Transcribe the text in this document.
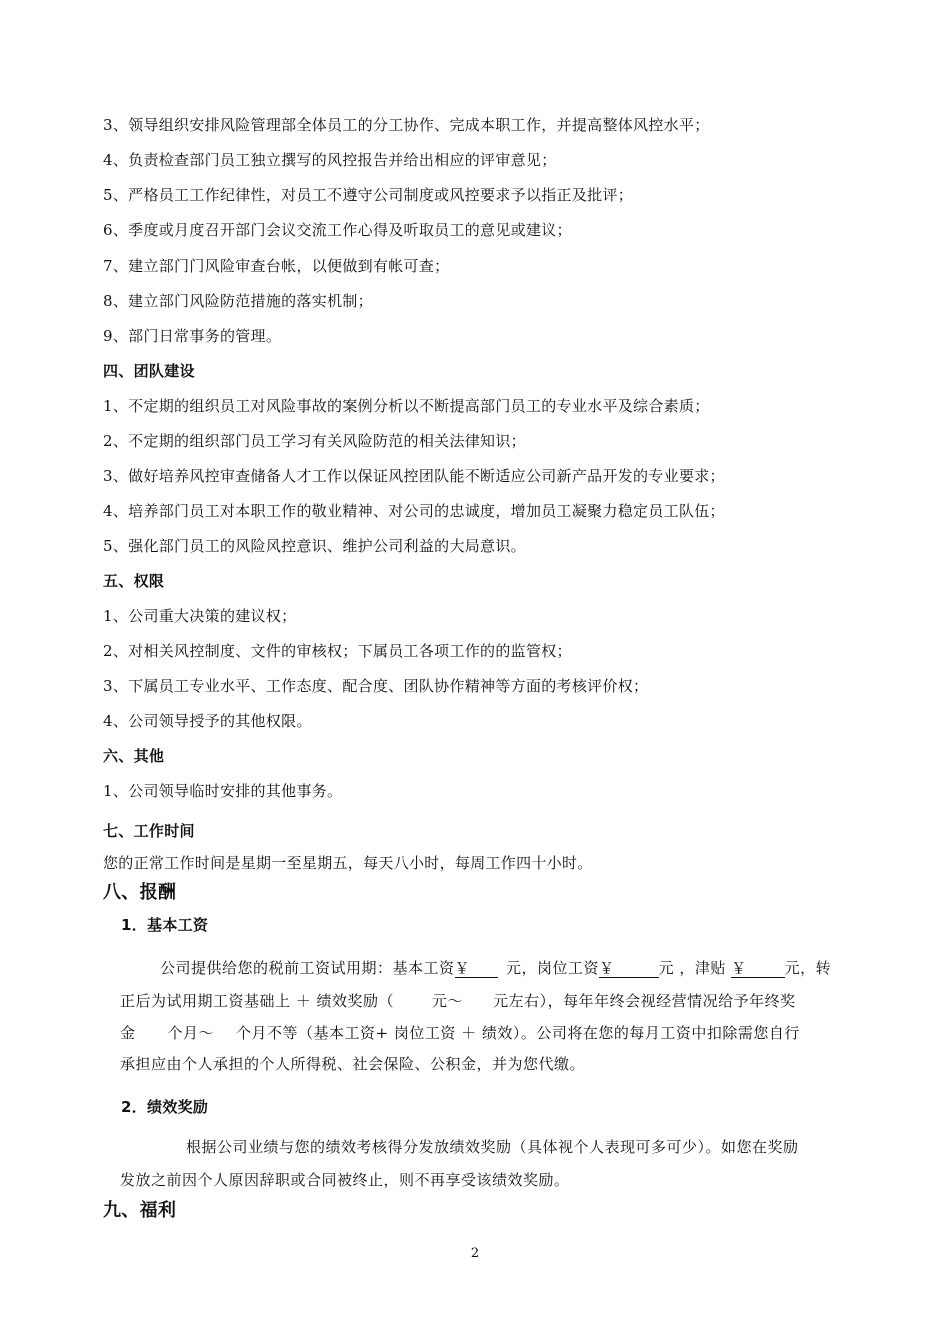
3、领导组织安排风险管理部全体员工的分工协作、完成本职工作，并提高整体风控水平；
4、负责检查部门员工独立撰写的风控报告并给出相应的评审意见；
5、严格员工工作纪律性，对员工不遵守公司制度或风控要求予以指正及批评；
6、季度或月度召开部门会议交流工作心得及听取员工的意见或建议；
7、建立部门门风险审查台帐，以便做到有帐可查；
8、建立部门风险防范措施的落实机制；
9、部门日常事务的管理。
四、团队建设
1、不定期的组织员工对风险事故的案例分析以不断提高部门员工的专业水平及综合素质；
2、不定期的组织部门员工学习有关风险防范的相关法律知识；
3、做好培养风控审查储备人才工作以保证风控团队能不断适应公司新产品开发的专业要求；
4、培养部门员工对本职工作的敬业精神、对公司的忠诚度，增加员工凝聚力稳定员工队伍；
5、强化部门员工的风险风控意识、维护公司利益的大局意识。
五、权限
1、公司重大决策的建议权；
2、对相关风控制度、文件的审核权；下属员工各项工作的的监管权；
3、下属员工专业水平、工作态度、配合度、团队协作精神等方面的考核评价权；
4、公司领导授予的其他权限。
六、其他
1、公司领导临时安排的其他事务。
七、工作时间
您的正常工作时间是星期一至星期五，每天八小时，每周工作四十小时。
八、报酬
1．基本工资
公司提供给您的税前工资试用期：基本工资￥ 元，岗位工资￥	元 ，津贴 ￥	元，转
正后为试用期工资基础上 ＋ 绩效奖励（	元～ 元左右），每年年终会视经营情况给予年终奖
金 个月～ 个月不等（基本工资+ 岗位工资 ＋ 绩效）。公司将在您的每月工资中扣除需您自行
承担应由个人承担的个人所得税、社会保险、公积金，并为您代缴。
2．绩效奖励
根据公司业绩与您的绩效考核得分发放绩效奖励（具体视个人表现可多可少）。如您在奖励
发放之前因个人原因辞职或合同被终止，则不再享受该绩效奖励。
九、福利
2
